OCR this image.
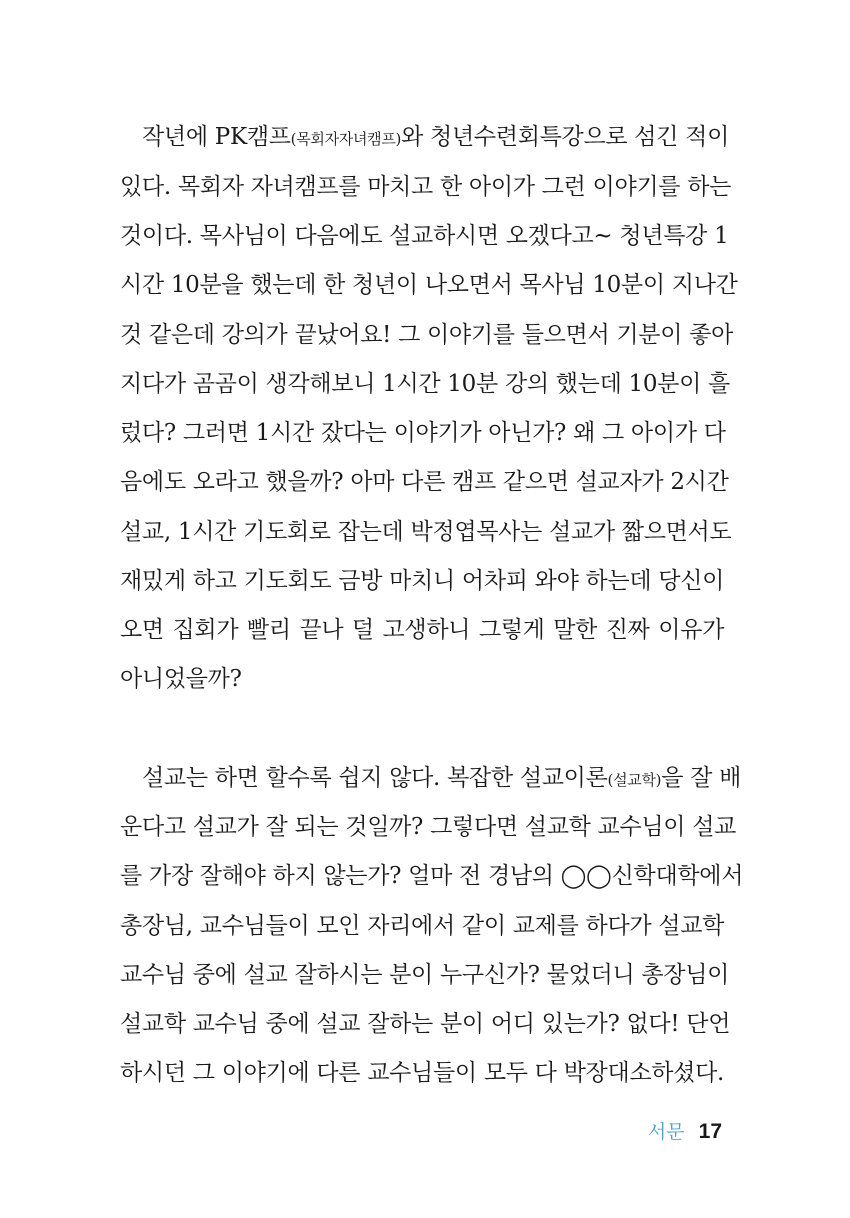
작년에 PK캠프(목회자자녀캠프)와 청년수련회특강으로 섬긴 적이
있다. 목회자 자녀캠프를 마치고 한 아이가 그런 이야기를 하는
것이다. 목사님이 다음에도 설교하시면 오겠다고~ 청년특강 1
시간 10분을 했는데 한 청년이 나오면서 목사님 10분이 지나간
것 같은데 강의가 끝났어요! 그 이야기를 들으면서 기분이 좋아
지다가 곰곰이 생각해보니 1시간 10분 강의 했는데 10분이 흘
렀다? 그러면 1시간 잤다는 이야기가 아닌가? 왜 그 아이가 다
음에도 오라고 했을까? 아마 다른 캠프 같으면 설교자가 2시간
설교, 1시간 기도회로 잡는데 박정엽목사는 설교가 짧으면서도
재밌게 하고 기도회도 금방 마치니 어차피 와야 하는데 당신이
오면 집회가 빨리 끝나 덜 고생하니 그렇게 말한 진짜 이유가
아니었을까?
설교는 하면 할수록 쉽지 않다. 복잡한 설교이론(설교학)을 잘 배
운다고 설교가 잘 되는 것일까? 그렇다면 설교학 교수님이 설교
를 가장 잘해야 하지 않는가? 얼마 전 경남의 ◯◯신학대학에서
총장님, 교수님들이 모인 자리에서 같이 교제를 하다가 설교학
교수님 중에 설교 잘하시는 분이 누구신가? 물었더니 총장님이
설교학 교수님 중에 설교 잘하는 분이 어디 있는가? 없다! 단언
하시던 그 이야기에 다른 교수님들이 모두 다 박장대소하셨다.
서문 17
